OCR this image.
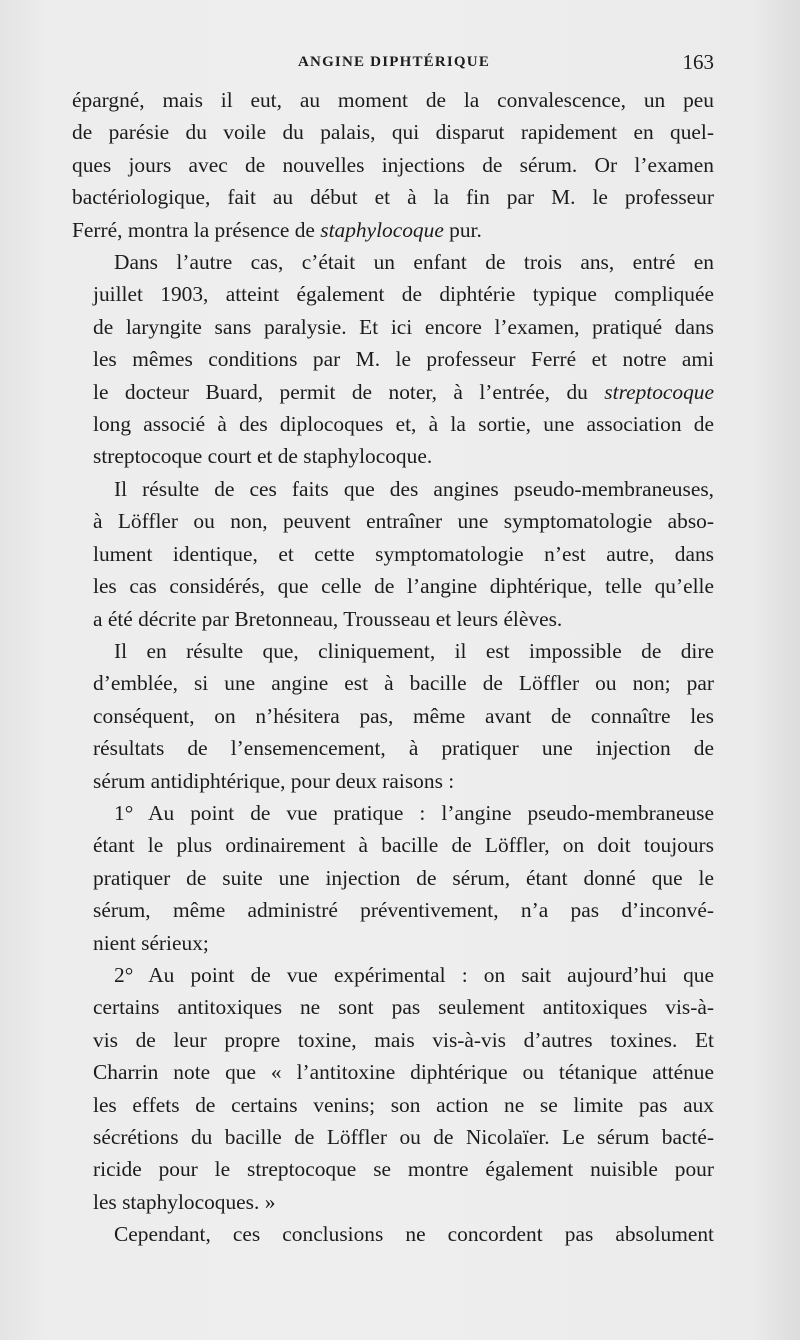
ANGINE DIPHTÉRIQUE	163
épargné, mais il eut, au moment de la convalescence, un peu
de parésie du voile du palais, qui disparut rapidement en quel-
ques jours avec de nouvelles injections de sérum. Or l’examen
bactériologique, fait au début et à la fin par M. le professeur
Ferré, montra la présence de staphylocoque pur.
Dans l’autre cas, c’était un enfant de trois ans, entré en
juillet 1903, atteint également de diphtérie typique compliquée
de laryngite sans paralysie. Et ici encore l’examen, pratiqué dans
les mêmes conditions par M. le professeur Ferré et notre ami
le docteur Buard, permit de noter, à l’entrée, du streptocoque
long associé à des diplocoques et, à la sortie, une association de
streptocoque court et de staphylocoque.
Il résulte de ces faits que des angines pseudo-membraneuses,
à Löffler ou non, peuvent entraîner une symptomatologie abso-
lument identique, et cette symptomatologie n’est autre, dans
les cas considérés, que celle de l’angine diphtérique, telle qu’elle
a été décrite par Bretonneau, Trousseau et leurs élèves.
Il en résulte que, cliniquement, il est impossible de dire
d’emblée, si une angine est à bacille de Löffler ou non; par
conséquent, on n’hésitera pas, même avant de connaître les
résultats de l’ensemencement, à pratiquer une injection de
sérum antidiphtérique, pour deux raisons :
1° Au point de vue pratique : l’angine pseudo-membraneuse
étant le plus ordinairement à bacille de Löffler, on doit toujours
pratiquer de suite une injection de sérum, étant donné que le
sérum, même administré préventivement, n’a pas d’inconvé-
nient sérieux;
2° Au point de vue expérimental : on sait aujourd’hui que
certains antitoxiques ne sont pas seulement antitoxiques vis-à-
vis de leur propre toxine, mais vis-à-vis d’autres toxines. Et
Charrin note que « l’antitoxine diphtérique ou tétanique atténue
les effets de certains venins; son action ne se limite pas aux
sécrétions du bacille de Löffler ou de Nicolaïer. Le sérum bacté-
ricide pour le streptocoque se montre également nuisible pour
les staphylocoques. »
Cependant, ces conclusions ne concordent pas absolument
